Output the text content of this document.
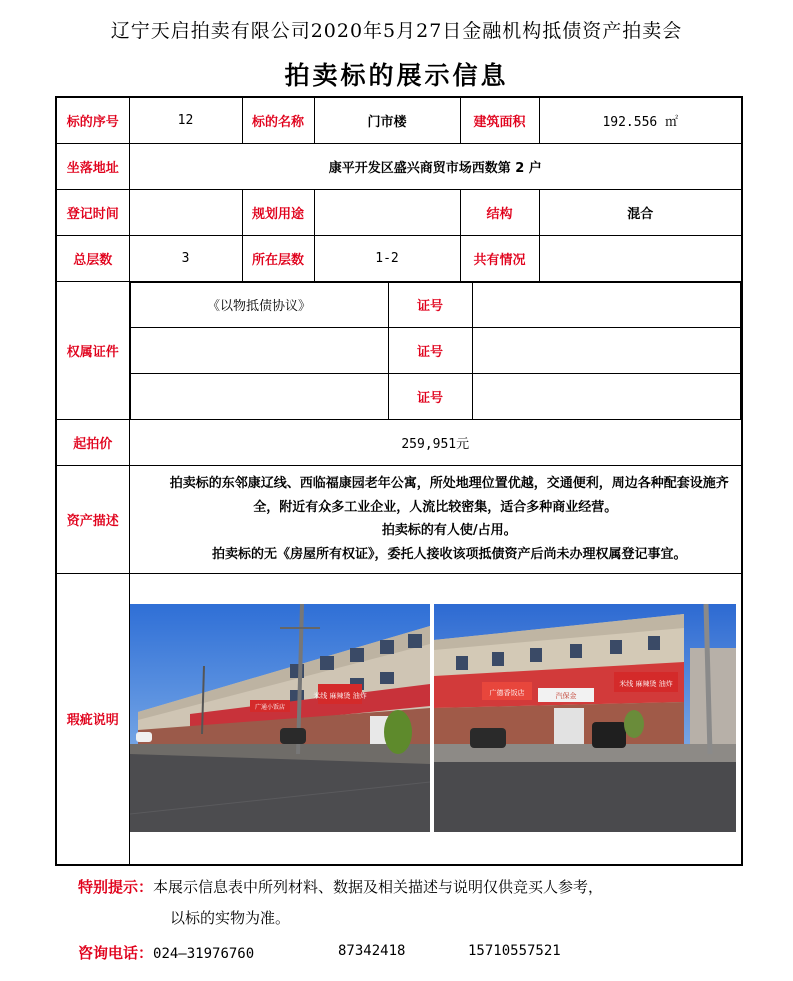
辽宁天启拍卖有限公司2020年5月27日金融机构抵债资产拍卖会
拍卖标的展示信息
标的序号	12	标的名称	门市楼	建筑面积	192.556 ㎡
坐落地址	康平开发区盛兴商贸市场西数第 2 户
登记时间		规划用途		结构	混合
总层数	3	所在层数	1-2	共有情况	
权属证件	
《以物抵债协议》	证号	
	证号	
	证号	

起拍价	259,951元
资产描述	

拍卖标的东邻康辽线、西临福康园老年公寓，所处地理位置优越，交通便利，周边各种配套设施齐全，附近有众多工业企业，人流比较密集，适合多种商业经营。

拍卖标的有人使/占用。

拍卖标的无《房屋所有权证》，委托人接收该项抵债资产后尚未办理权属登记事宜。

瑕疵说明	
米线 麻辣烫 油炸
广通小饭店
广德香饭店	汽保金
米线 麻辣烫 油炸
特别提示：本展示信息表中所列材料、数据及相关描述与说明仅供竞买人参考，
以标的实物为准。
咨询电话：024—31976760	87342418	15710557521
